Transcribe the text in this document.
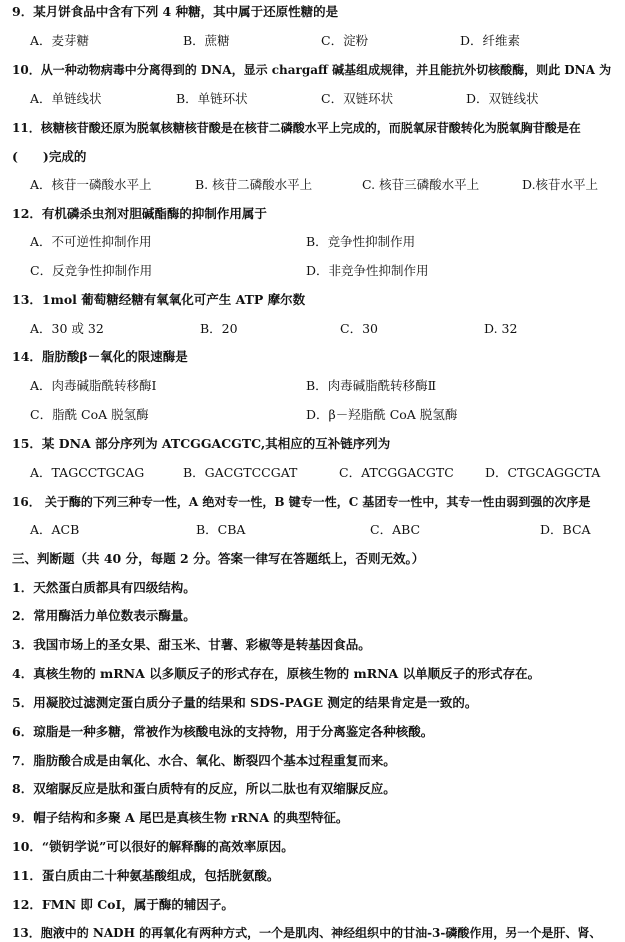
9．某月饼食品中含有下列 4 种糖，其中属于还原性糖的是
A．麦芽糖	B．蔗糖	C．淀粉	D．纤维素
10．从一种动物病毒中分离得到的 DNA，显示 chargaff 碱基组成规律，并且能抗外切核酸酶，则此 DNA 为
A．单链线状	B．单链环状	C．双链环状	D．双链线状
11．核糖核苷酸还原为脱氧核糖核苷酸是在核苷二磷酸水平上完成的，而脱氧尿苷酸转化为脱氧胸苷酸是在
(　　)完成的
A．核苷一磷酸水平上	B. 核苷二磷酸水平上	C. 核苷三磷酸水平上	D.核苷水平上
12．有机磷杀虫剂对胆碱酯酶的抑制作用属于
A．不可逆性抑制作用	B．竞争性抑制作用
C．反竞争性抑制作用	D．非竞争性抑制作用
13．1mol 葡萄糖经糖有氧氧化可产生 ATP 摩尔数
A．30 或 32	B．20	C．30	D. 32
14．脂肪酸β－氧化的限速酶是
A．肉毒碱脂酰转移酶Ⅰ	B．肉毒碱脂酰转移酶Ⅱ
C．脂酰 CoA 脱氢酶	D．β－羟脂酰 CoA 脱氢酶
15．某 DNA 部分序列为 ATCGGACGTC,其相应的互补链序列为
A．TAGCCTGCAG	B．GACGTCCGAT	C．ATCGGACGTC D．CTGCAGGCTA
16． 关于酶的下列三种专一性，A 绝对专一性，B 键专一性，C 基团专一性中，其专一性由弱到强的次序是
A．ACB	B．CBA	C．ABC	D．BCA
三、判断题（共 40 分，每题 2 分。答案一律写在答题纸上，否则无效。）
1．天然蛋白质都具有四级结构。
2．常用酶活力单位数表示酶量。
3．我国市场上的圣女果、甜玉米、甘薯、彩椒等是转基因食品。
4．真核生物的 mRNA 以多顺反子的形式存在，原核生物的 mRNA 以单顺反子的形式存在。
5．用凝胶过滤测定蛋白质分子量的结果和 SDS-PAGE 测定的结果肯定是一致的。
6．琼脂是一种多糖，常被作为核酸电泳的支持物，用于分离鉴定各种核酸。
7．脂肪酸合成是由氧化、水合、氧化、断裂四个基本过程重复而来。
8．双缩脲反应是肽和蛋白质特有的反应，所以二肽也有双缩脲反应。
9．帽子结构和多聚 A 尾巴是真核生物 rRNA 的典型特征。
10．“锁钥学说”可以很好的解释酶的高效率原因。
11．蛋白质由二十种氨基酸组成，包括胱氨酸。
12．FMN 即 CoI，属于酶的辅因子。
13．胞液中的 NADH 的再氧化有两种方式，一个是肌肉、神经组织中的甘油-3-磷酸作用，另一个是肝、肾、
